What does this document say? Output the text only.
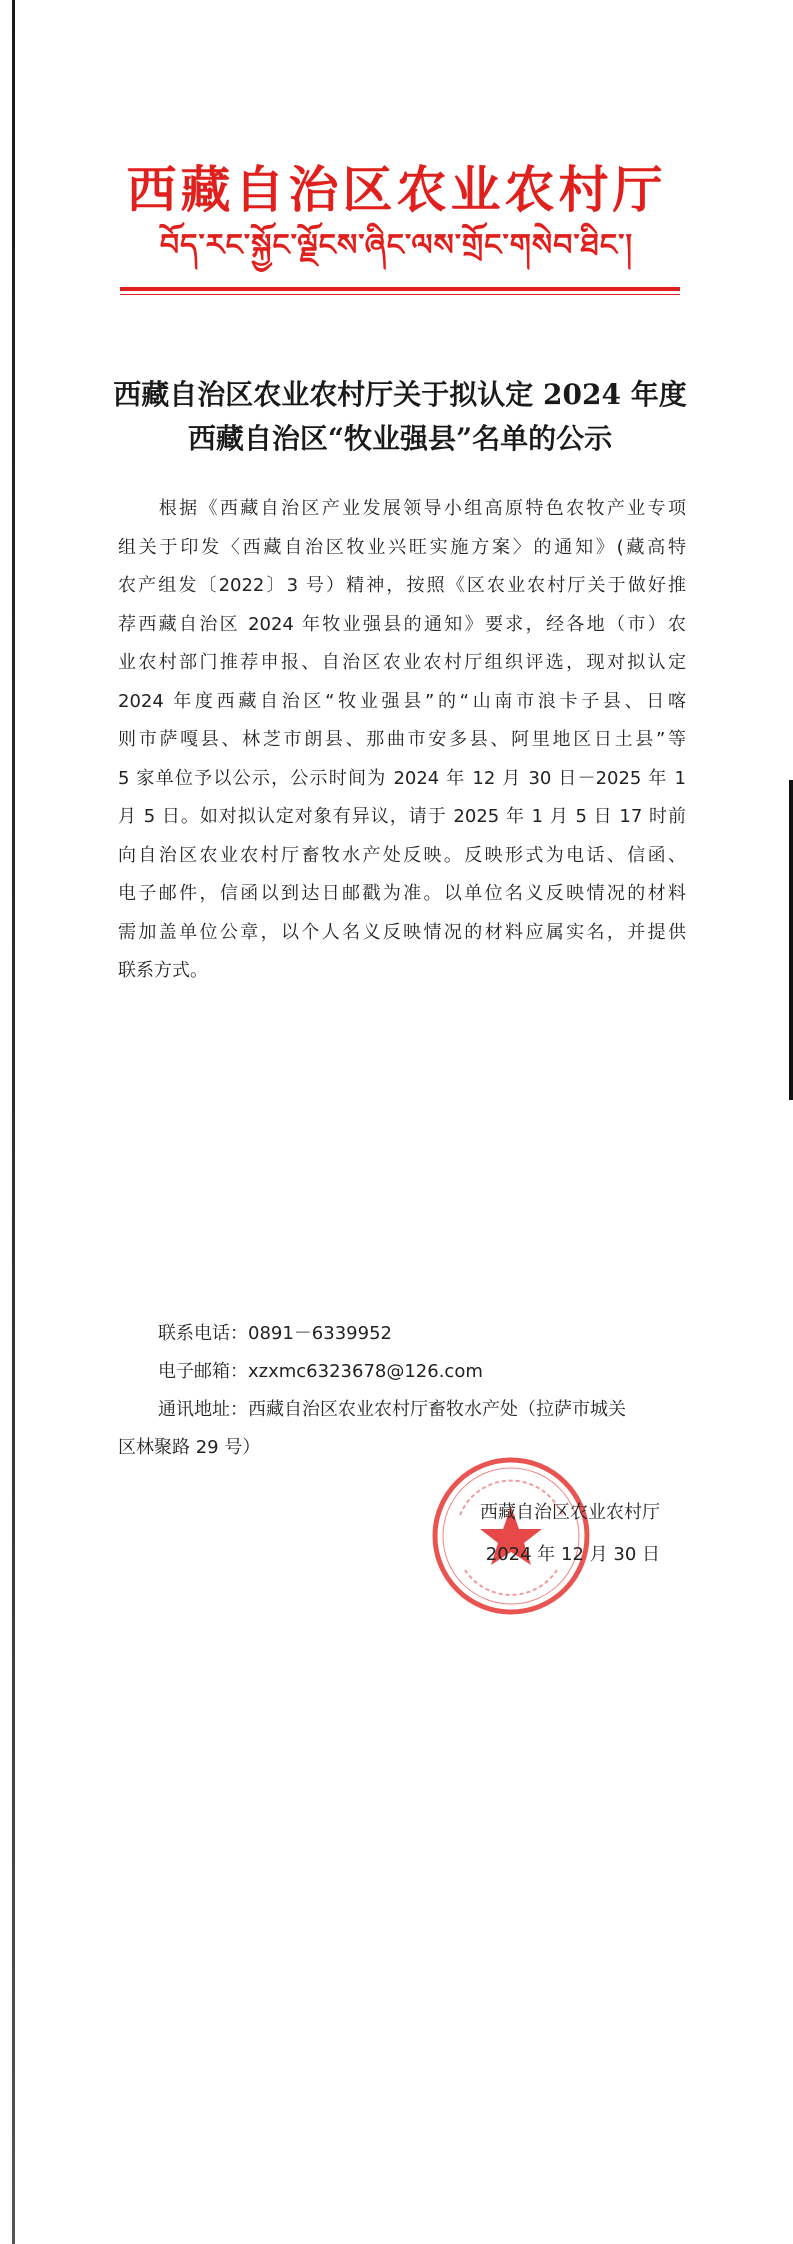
西藏自治区农业农村厅
བོད་རང་སྐྱོང་ལྗོངས་ཞིང་ལས་གྲོང་གསེབ་ཐིང་།
西藏自治区农业农村厅关于拟认定 2024 年度
西藏自治区“牧业强县”名单的公示
　　根据《西藏自治区产业发展领导小组高原特色农牧产业专项
组关于印发〈西藏自治区牧业兴旺实施方案〉的通知》(藏高特
农产组发〔2022〕3 号）精神，按照《区农业农村厅关于做好推
荐西藏自治区 2024 年牧业强县的通知》要求，经各地（市）农
业农村部门推荐申报、自治区农业农村厅组织评选，现对拟认定
2024 年度西藏自治区“牧业强县”的“山南市浪卡子县、日喀
则市萨嘎县、林芝市朗县、那曲市安多县、阿里地区日土县”等
5 家单位予以公示，公示时间为 2024 年 12 月 30 日－2025 年 1
月 5 日。如对拟认定对象有异议，请于 2025 年 1 月 5 日 17 时前
向自治区农业农村厅畜牧水产处反映。反映形式为电话、信函、
电子邮件，信函以到达日邮戳为准。以单位名义反映情况的材料
需加盖单位公章，以个人名义反映情况的材料应属实名，并提供
联系方式。
联系电话：0891－6339952
电子邮箱：xzxmc6323678@126.com
通讯地址：西藏自治区农业农村厅畜牧水产处（拉萨市城关
区林聚路 29 号）
西藏自治区农业农村厅
2024 年 12 月 30 日
